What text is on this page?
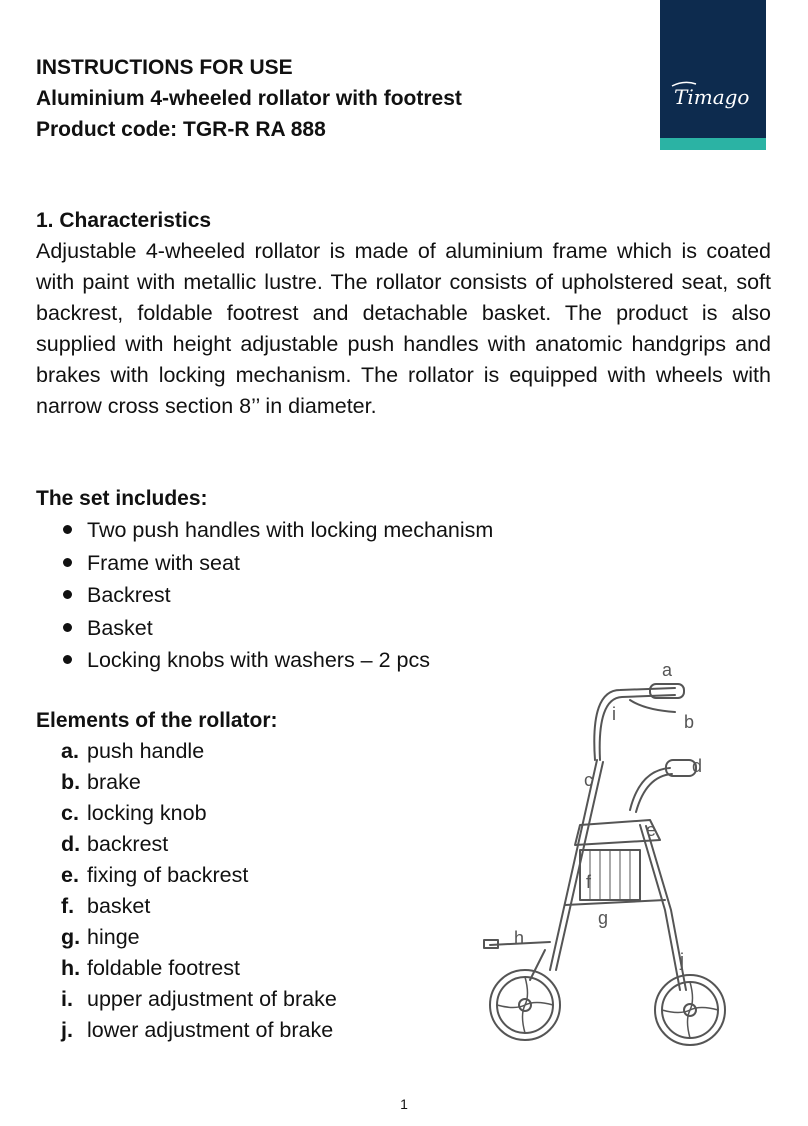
INSTRUCTIONS FOR USE
Aluminium 4-wheeled rollator with footrest
Product code: TGR-R RA 888
Timago
1. Characteristics
Adjustable 4-wheeled rollator is made of aluminium frame which is coated with paint with metallic lustre. The rollator consists of upholstered seat, soft backrest, foldable footrest and detachable basket. The product is also supplied with height adjustable push handles with anatomic handgrips and brakes with locking mechanism. The rollator is equipped with wheels with narrow cross section 8’’ in diameter.
The set includes:
Two push handles with locking mechanism
Frame with seat
Backrest
Basket
Locking knobs with washers – 2 pcs
Elements of the rollator:
a. push handle
b. brake
c. locking knob
d. backrest
e. fixing of backrest
f. basket
g. hinge
h. foldable footrest
i. upper adjustment of brake
j. lower adjustment of brake
a
b
c
d
e
f
g
h
i
j
1
